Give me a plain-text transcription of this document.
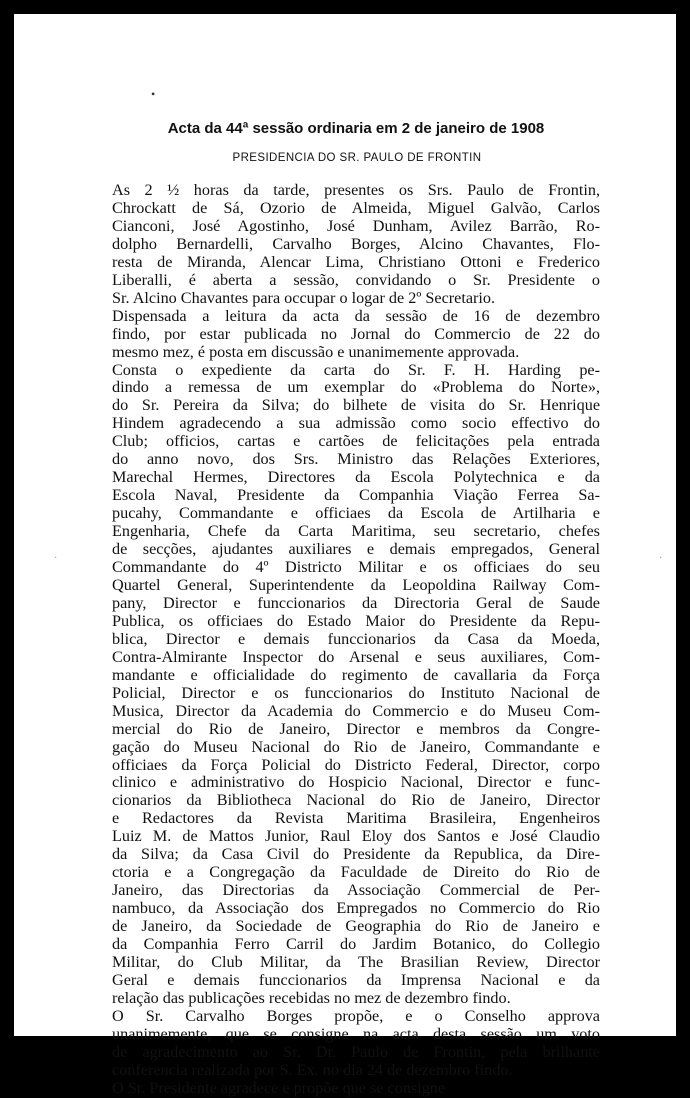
•
·	·
Acta da 44ª sessão ordinaria em 2 de janeiro de 1908
PRESIDENCIA DO SR. PAULO DE FRONTIN

As 2 ½ horas da tarde, presentes os Srs. Paulo de Frontin,
Chrockatt de Sá, Ozorio de Almeida, Miguel Galvão, Carlos
Cianconi, José Agostinho, José Dunham, Avilez Barrão, Ro-
dolpho Bernardelli, Carvalho Borges, Alcino Chavantes, Flo-
resta de Miranda, Alencar Lima, Christiano Ottoni e Frederico
Liberalli, é aberta a sessão, convidando o Sr. Presidente o
Sr. Alcino Chavantes para occupar o logar de 2º Secretario.

Dispensada a leitura da acta da sessão de 16 de dezembro
findo, por estar publicada no Jornal do Commercio de 22 do
mesmo mez, é posta em discussão e unanimemente approvada.

Consta o expediente da carta do Sr. F. H. Harding pe-
dindo a remessa de um exemplar do «Problema do Norte»,
do Sr. Pereira da Silva; do bilhete de visita do Sr. Henrique
Hindem agradecendo a sua admissão como socio effectivo do
Club; officios, cartas e cartões de felicitações pela entrada
do anno novo, dos Srs. Ministro das Relações Exteriores,
Marechal Hermes, Directores da Escola Polytechnica e da
Escola Naval, Presidente da Companhia Viação Ferrea Sa-
pucahy, Commandante e officiaes da Escola de Artilharia e
Engenharia, Chefe da Carta Maritima, seu secretario, chefes
de secções, ajudantes auxiliares e demais empregados, General
Commandante do 4º Districto Militar e os officiaes do seu
Quartel General, Superintendente da Leopoldina Railway Com-
pany, Director e funccionarios da Directoria Geral de Saude
Publica, os officiaes do Estado Maior do Presidente da Repu-
blica, Director e demais funccionarios da Casa da Moeda,
Contra-Almirante Inspector do Arsenal e seus auxiliares, Com-
mandante e officialidade do regimento de cavallaria da Força
Policial, Director e os funccionarios do Instituto Nacional de
Musica, Director da Academia do Commercio e do Museu Com-
mercial do Rio de Janeiro, Director e membros da Congre-
gação do Museu Nacional do Rio de Janeiro, Commandante e
officiaes da Força Policial do Districto Federal, Director, corpo
clinico e administrativo do Hospicio Nacional, Director e func-
cionarios da Bibliotheca Nacional do Rio de Janeiro, Director
e Redactores da Revista Maritima Brasileira, Engenheiros
Luiz M. de Mattos Junior, Raul Eloy dos Santos e José Claudio
da Silva; da Casa Civil do Presidente da Republica, da Dire-
ctoria e a Congregação da Faculdade de Direito do Rio de
Janeiro, das Directorias da Associação Commercial de Per-
nambuco, da Associação dos Empregados no Commercio do Rio
de Janeiro, da Sociedade de Geographia do Rio de Janeiro e
da Companhia Ferro Carril do Jardim Botanico, do Collegio
Militar, do Club Militar, da The Brasilian Review, Director
Geral e demais funccionarios da Imprensa Nacional e da
relação das publicações recebidas no mez de dezembro findo.

O Sr. Carvalho Borges propõe, e o Conselho approva
unanimemente, que se consigne na acta desta sessão um voto
de agradecimento ao Sr. Dr. Paulo de Frontin, pela brilhante
conferencia realizada por S. Ex. no dia 24 de dezembro findo.

O Sr. Presidente agradece e propõe que se consigne
